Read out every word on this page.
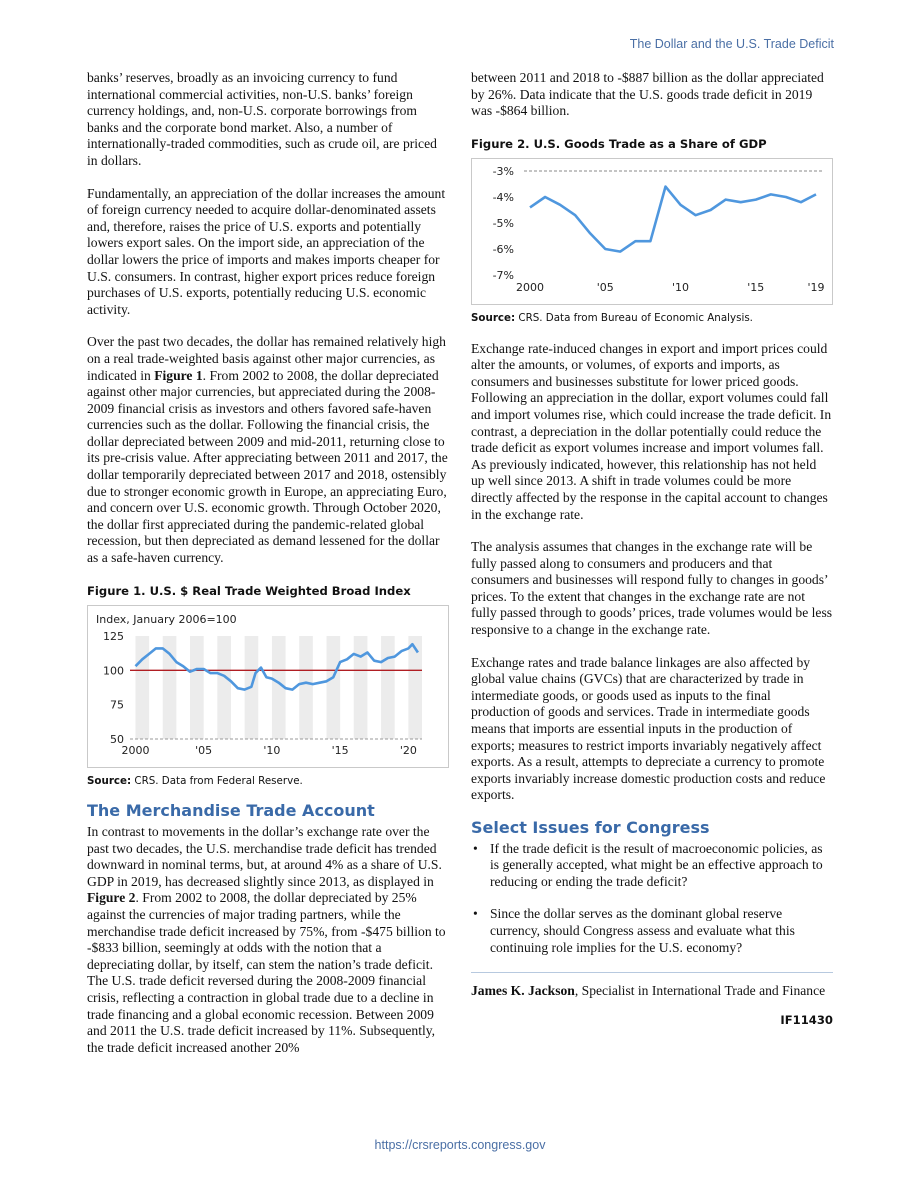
The Dollar and the U.S. Trade Deficit

banks’ reserves, broadly as an invoicing currency to fund international commercial activities, non-U.S. banks’ foreign currency holdings, and, non-U.S. corporate borrowings from banks and the corporate bond market. Also, a number of internationally-traded commodities, such as crude oil, are priced in dollars.

Fundamentally, an appreciation of the dollar increases the amount of foreign currency needed to acquire dollar-denominated assets and, therefore, raises the price of U.S. exports and potentially lowers export sales. On the import side, an appreciation of the dollar lowers the price of imports and makes imports cheaper for U.S. consumers. In contrast, higher export prices reduce foreign purchases of U.S. exports, potentially reducing U.S. economic activity.

Over the past two decades, the dollar has remained relatively high on a real trade-weighted basis against other major currencies, as indicated in Figure 1. From 2002 to 2008, the dollar depreciated against other major currencies, but appreciated during the 2008-2009 financial crisis as investors and others favored safe-haven currencies such as the dollar. Following the financial crisis, the dollar depreciated between 2009 and mid-2011, returning close to its pre-crisis value. After appreciating between 2011 and 2017, the dollar temporarily depreciated between 2017 and 2018, ostensibly due to stronger economic growth in Europe, an appreciating Euro, and concern over U.S. economic growth. Through October 2020, the dollar first appreciated during the pandemic-related global recession, but then depreciated as demand lessened for the dollar as a safe-haven currency.

Figure 1. U.S. $ Real Trade Weighted Broad Index
Index, January 2006=100
125
100
75
50
2000	'05	'10	'15	'20
Source: CRS. Data from Federal Reserve.
The Merchandise Trade Account

In contrast to movements in the dollar’s exchange rate over the past two decades, the U.S. merchandise trade deficit has trended downward in nominal terms, but, at around 4% as a share of U.S. GDP in 2019, has decreased slightly since 2013, as displayed in Figure 2. From 2002 to 2008, the dollar depreciated by 25% against the currencies of major trading partners, while the merchandise trade deficit increased by 75%, from -$475 billion to -$833 billion, seemingly at odds with the notion that a depreciating dollar, by itself, can stem the nation’s trade deficit. The U.S. trade deficit reversed during the 2008-2009 financial crisis, reflecting a contraction in global trade due to a decline in trade financing and a global economic recession. Between 2009 and 2011 the U.S. trade deficit increased by 11%. Subsequently, the trade deficit increased another 20%

between 2011 and 2018 to -$887 billion as the dollar appreciated by 26%. Data indicate that the U.S. goods trade deficit in 2019 was -$864 billion.

Figure 2. U.S. Goods Trade as a Share of GDP
-3%
-4%
-5%
-6%
-7%
2000	'05	'10	'15	'19
Source: CRS. Data from Bureau of Economic Analysis.

Exchange rate-induced changes in export and import prices could alter the amounts, or volumes, of exports and imports, as consumers and businesses substitute for lower priced goods. Following an appreciation in the dollar, export volumes could fall and import volumes rise, which could increase the trade deficit. In contrast, a depreciation in the dollar potentially could reduce the trade deficit as export volumes increase and import volumes fall. As previously indicated, however, this relationship has not held up well since 2013. A shift in trade volumes could be more directly affected by the response in the capital account to changes in the exchange rate.

The analysis assumes that changes in the exchange rate will be fully passed along to consumers and producers and that consumers and businesses will respond fully to changes in goods’ prices. To the extent that changes in the exchange rate are not fully passed through to goods’ prices, trade volumes would be less responsive to a change in the exchange rate.

Exchange rates and trade balance linkages are also affected by global value chains (GVCs) that are characterized by trade in intermediate goods, or goods used as inputs to the final production of goods and services. Trade in intermediate goods means that imports are essential inputs in the production of exports; measures to restrict imports invariably negatively affect exports. As a result, attempts to depreciate a currency to promote exports invariably increase domestic production costs and reduce exports.

Select Issues for Congress
• If the trade deficit is the result of macroeconomic policies, as is generally accepted, what might be an effective approach to reducing or ending the trade deficit?
• Since the dollar serves as the dominant global reserve currency, should Congress assess and evaluate what this continuing role implies for the U.S. economy?
James K. Jackson, Specialist in International Trade and Finance
IF11430
https://crsreports.congress.gov
